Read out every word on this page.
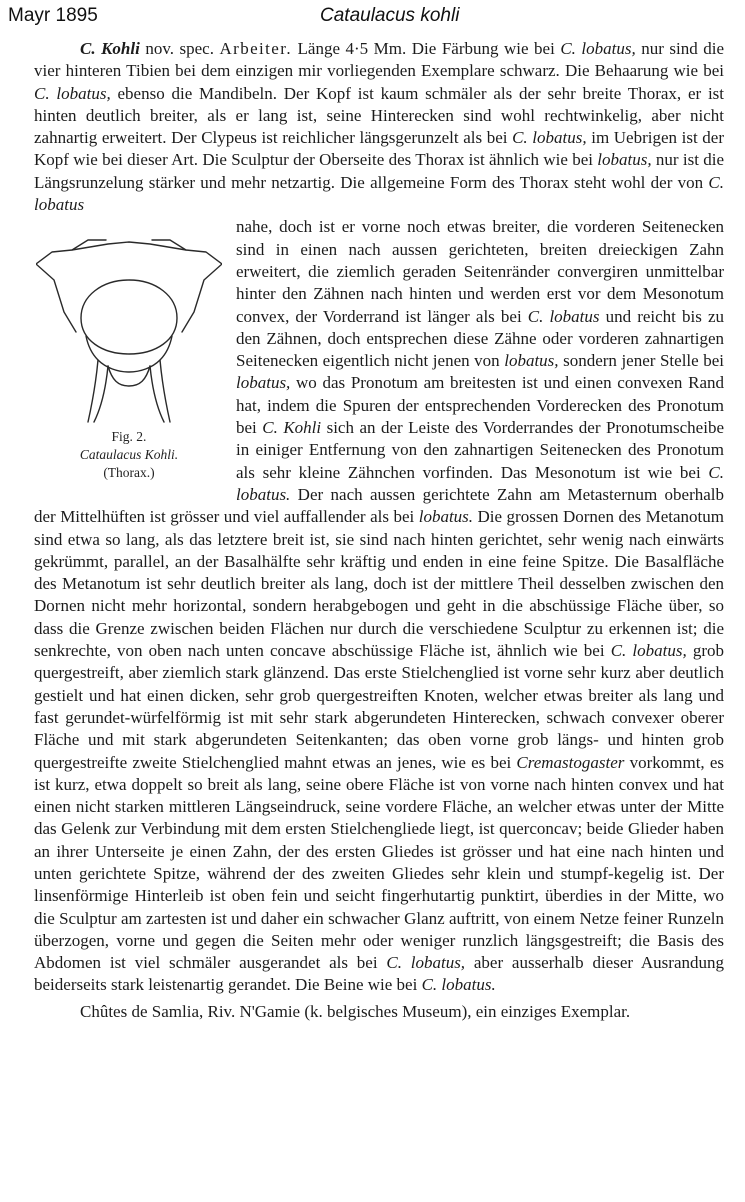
Mayr 1895	Cataulacus kohli

C. Kohli nov. spec. Arbeiter. Länge 4·5 Mm. Die Färbung wie bei C. lobatus, nur sind die vier hinteren Tibien bei dem einzigen mir vorliegenden Exemplare schwarz. Die Behaarung wie bei C. lobatus, ebenso die Mandibeln. Der Kopf ist kaum schmäler als der sehr breite Thorax, er ist hinten deutlich breiter, als er lang ist, seine Hinterecken sind wohl rechtwinkelig, aber nicht zahnartig erweitert. Der Clypeus ist reichlicher längsgerunzelt als bei C. lobatus, im Uebrigen ist der Kopf wie bei dieser Art. Die Sculptur der Oberseite des Thorax ist ähnlich wie bei lobatus, nur ist die Längsrunzelung stärker und mehr netzartig. Die allgemeine Form des Thorax steht wohl der von C. lobatus

Fig. 2.
Cataulacus Kohli.
(Thorax.)
nahe, doch ist er vorne noch etwas breiter, die vorderen Seitenecken sind in einen nach aussen gerichteten, breiten dreieckigen Zahn erweitert, die ziemlich geraden Seitenränder convergiren unmittelbar hinter den Zähnen nach hinten und werden erst vor dem Mesonotum convex, der Vorderrand ist länger als bei C. lobatus und reicht bis zu den Zähnen, doch entsprechen diese Zähne oder vorderen zahnartigen Seitenecken eigentlich nicht jenen von lobatus, sondern jener Stelle bei lobatus, wo das Pronotum am breitesten ist und einen convexen Rand hat, indem die Spuren der entsprechenden Vorderecken des Pronotum bei C. Kohli sich an der Leiste des Vorderrandes der Pronotumscheibe in einiger Entfernung von den zahnartigen Seitenecken des Pronotum als sehr kleine Zähnchen vorfinden. Das Mesonotum ist wie bei C. lobatus. Der nach aussen gerichtete Zahn am Metasternum oberhalb der Mittelhüften ist grösser und viel auffallender als bei lobatus. Die grossen Dornen des Metanotum sind etwa so lang, als das letztere breit ist, sie sind nach hinten gerichtet, sehr wenig nach einwärts gekrümmt, parallel, an der Basalhälfte sehr kräftig und enden in eine feine Spitze. Die Basalfläche des Metanotum ist sehr deutlich breiter als lang, doch ist der mittlere Theil desselben zwischen den Dornen nicht mehr horizontal, sondern herabgebogen und geht in die abschüssige Fläche über, so dass die Grenze zwischen beiden Flächen nur durch die verschiedene Sculptur zu erkennen ist; die senkrechte, von oben nach unten concave abschüssige Fläche ist, ähnlich wie bei C. lobatus, grob quergestreift, aber ziemlich stark glänzend. Das erste Stielchenglied ist vorne sehr kurz aber deutlich gestielt und hat einen dicken, sehr grob quergestreiften Knoten, welcher etwas breiter als lang und fast gerundet-würfelförmig ist mit sehr stark abgerundeten Hinterecken, schwach convexer oberer Fläche und mit stark abgerundeten Seitenkanten; das oben vorne grob längs- und hinten grob quergestreifte zweite Stielchenglied mahnt etwas an jenes, wie es bei Cremastogaster vorkommt, es ist kurz, etwa doppelt so breit als lang, seine obere Fläche ist von vorne nach hinten convex und hat einen nicht starken mittleren Längseindruck, seine vordere Fläche, an welcher etwas unter der Mitte das Gelenk zur Verbindung mit dem ersten Stielchengliede liegt, ist querconcav; beide Glieder haben an ihrer Unterseite je einen Zahn, der des ersten Gliedes ist grösser und hat eine nach hinten und unten gerichtete Spitze, während der des zweiten Gliedes sehr klein und stumpf-kegelig ist. Der linsenförmige Hinterleib ist oben fein und seicht fingerhutartig punktirt, überdies in der Mitte, wo die Sculptur am zartesten ist und daher ein schwacher Glanz auftritt, von einem Netze feiner Runzeln überzogen, vorne und gegen die Seiten mehr oder weniger runzlich längsgestreift; die Basis des Abdomen ist viel schmäler ausgerandet als bei C. lobatus, aber ausserhalb dieser Ausrandung beiderseits stark leistenartig gerandet. Die Beine wie bei C. lobatus.

Chûtes de Samlia, Riv. N'Gamie (k. belgisches Museum), ein einziges Exemplar.
